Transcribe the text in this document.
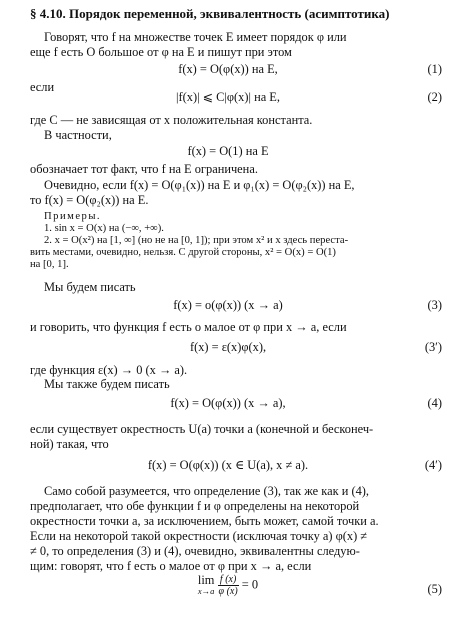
§ 4.10. Порядок переменной, эквивалентность (асимптотика)
Говорят, что f на множестве точек E имеет порядок φ или
еще f есть O большое от φ на E и пишут при этом
f(x) = O(φ(x)) на E,	(1)
если
|f(x)| ⩽ C|φ(x)| на E,	(2)
где C — не зависящая от x положительная константа.
В частности,
f(x) = O(1) на E
обозначает тот факт, что f на E ограничена.
Очевидно, если f(x) = O(φ₁(x)) на E и φ₁(x) = O(φ₂(x)) на E,
то f(x) = O(φ₂(x)) на E.
Примеры.
1. sin x = O(x) на (−∞, +∞).
2. x = O(x²) на [1, ∞] (но не на [0, 1]); при этом x² и x здесь переста-
вить местами, очевидно, нельзя. С другой стороны, x² = O(x) = O(1)
на [0, 1].
Мы будем писать
f(x) = o(φ(x)) (x → a)	(3)
и говорить, что функция f есть o малое от φ при x → a, если
f(x) = ε(x)φ(x),	(3′)
где функция ε(x) → 0 (x → a).
Мы также будем писать
f(x) = O(φ(x)) (x → a),	(4)
если существует окрестность U(a) точки a (конечной и бесконеч-
ной) такая, что
f(x) = O(φ(x)) (x ∈ U(a), x ≠ a).	(4′)
Само собой разумеется, что определение (3), так же как и (4),
предполагает, что обе функции f и φ определены на некоторой
окрестности точки a, за исключением, быть может, самой точки a.
Если на некоторой такой окрестности (исключая точку a) φ(x) ≠
≠ 0, то определения (3) и (4), очевидно, эквивалентны следую-
щим: говорят, что f есть o малое от φ при x → a, если
lim
x→a
$\frac{f (x)}{\varphi (x)} = 0$	(5)
